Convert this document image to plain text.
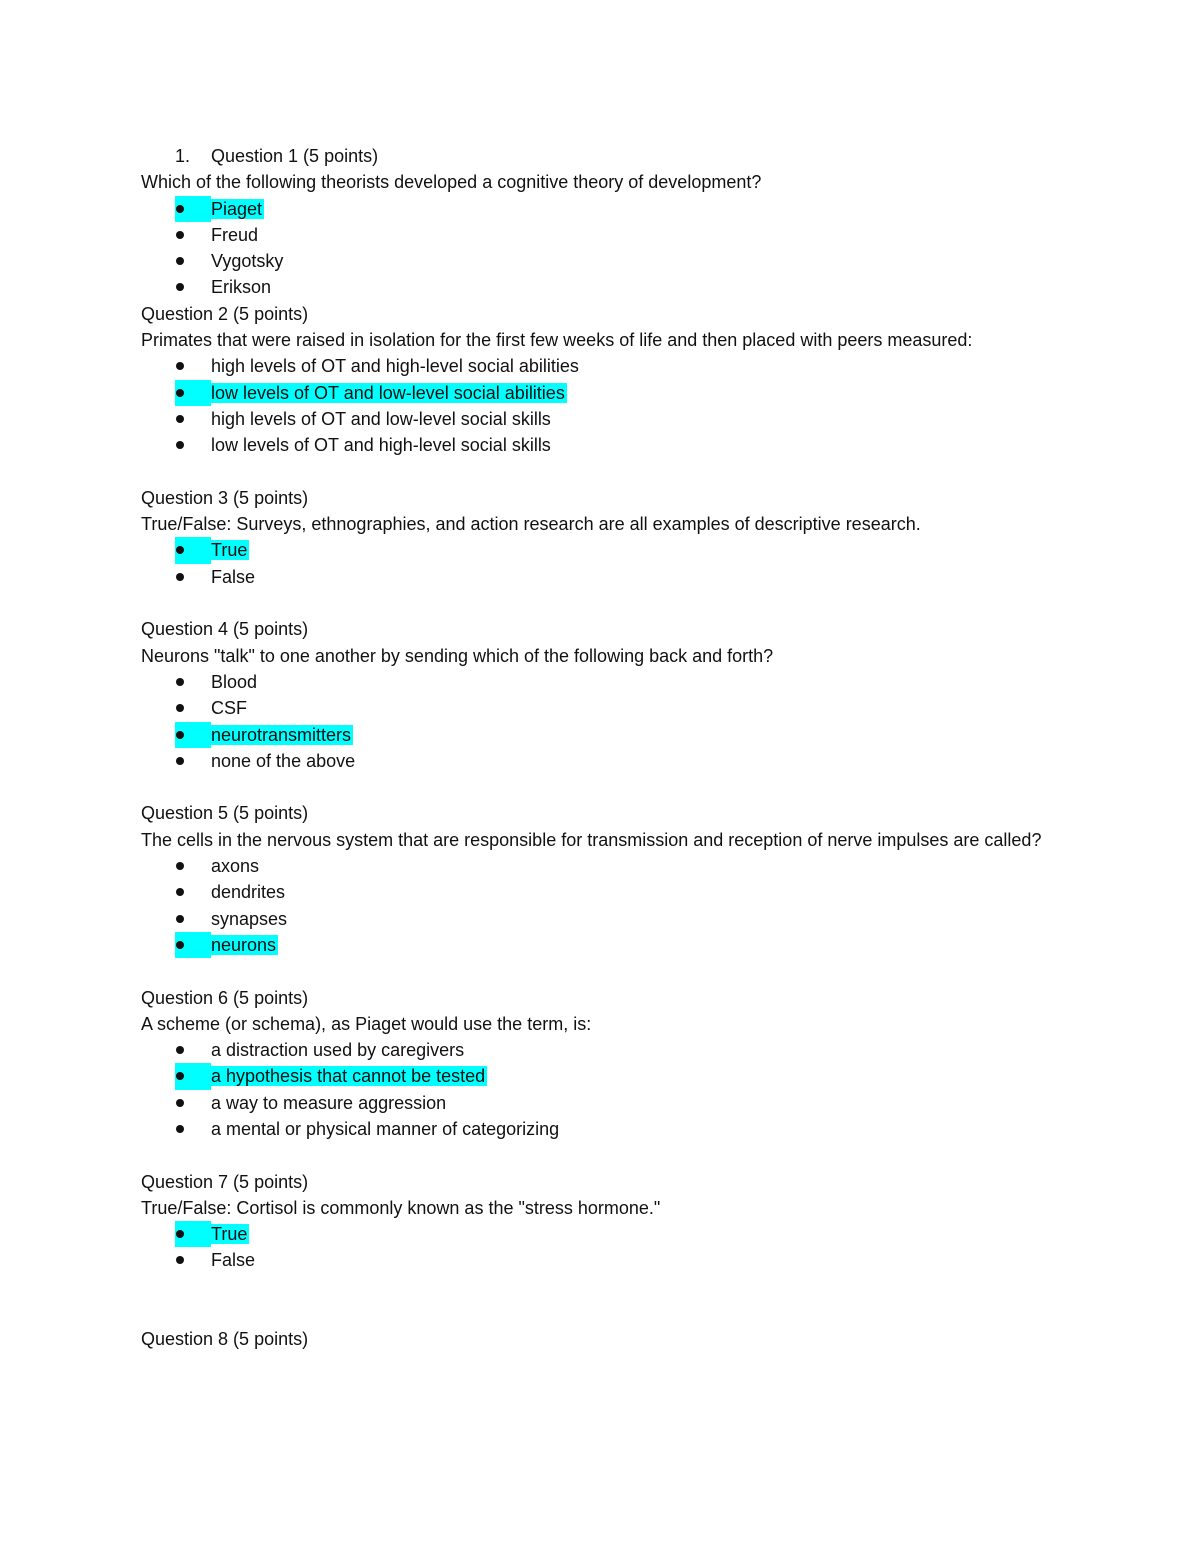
1. Question 1 (5 points)
Which of the following theorists developed a cognitive theory of development?
Piaget
Freud
Vygotsky
Erikson
Question 2 (5 points)
Primates that were raised in isolation for the first few weeks of life and then placed with peers measured:
high levels of OT and high-level social abilities
low levels of OT and low-level social abilities
high levels of OT and low-level social skills
low levels of OT and high-level social skills
Question 3 (5 points)
True/False: Surveys, ethnographies, and action research are all examples of descriptive research.
True
False
Question 4 (5 points)
Neurons "talk" to one another by sending which of the following back and forth?
Blood
CSF
neurotransmitters
none of the above
Question 5 (5 points)
The cells in the nervous system that are responsible for transmission and reception of nerve impulses are called?
axons
dendrites
synapses
neurons
Question 6 (5 points)
A scheme (or schema), as Piaget would use the term, is:
a distraction used by caregivers
a hypothesis that cannot be tested
a way to measure aggression
a mental or physical manner of categorizing
Question 7 (5 points)
True/False: Cortisol is commonly known as the "stress hormone."
True
False
Question 8 (5 points)
